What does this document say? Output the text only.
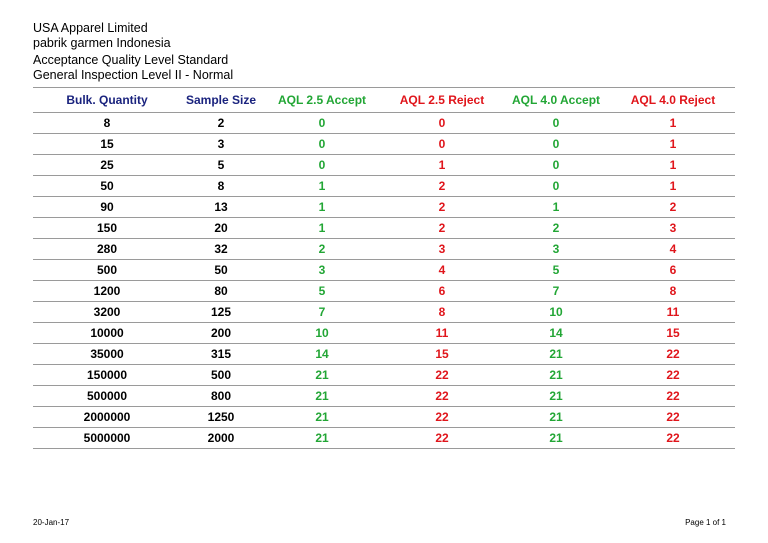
USA Apparel Limited
pabrik garmen Indonesia
Acceptance Quality Level Standard
General Inspection Level II - Normal
Bulk. Quantity	Sample Size	AQL 2.5 Accept	AQL 2.5 Reject	AQL 4.0 Accept	AQL 4.0 Reject
8	2	0	0	0	1
15	3	0	0	0	1
25	5	0	1	0	1
50	8	1	2	0	1
90	13	1	2	1	2
150	20	1	2	2	3
280	32	2	3	3	4
500	50	3	4	5	6
1200	80	5	6	7	8
3200	125	7	8	10	11
10000	200	10	11	14	15
35000	315	14	15	21	22
150000	500	21	22	21	22
500000	800	21	22	21	22
2000000	1250	21	22	21	22
5000000	2000	21	22	21	22
20-Jan-17	Page 1 of 1
